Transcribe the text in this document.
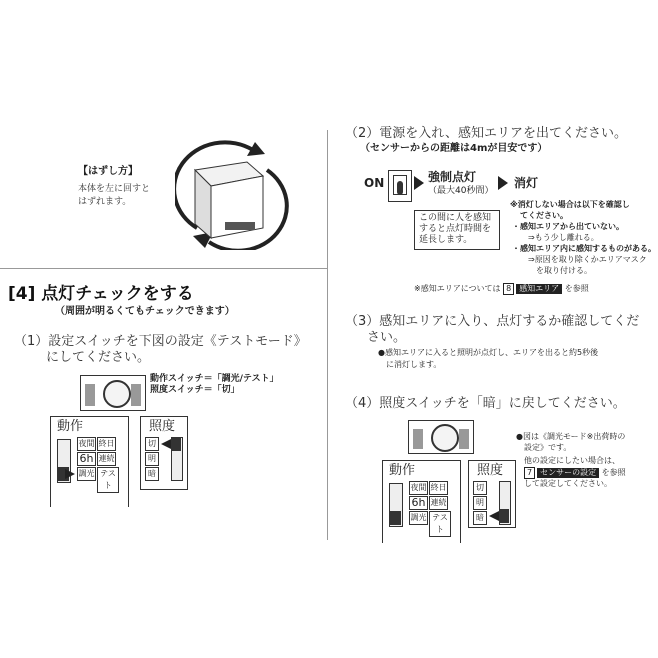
【はずし方】
本体を左に回すと
はずれます。
[4] 点灯チェックをする
（周囲が明るくてもチェックできます）
（1）設定スイッチを下図の設定《テストモード》
にしてください。
動作スイッチ＝「調光/テスト」
照度スイッチ＝「切」
動作
夜間 終日
6h 連続
調光 テスト
照度
切
明
暗
（2）電源を入れ、感知エリアを出てください。
（センサーからの距離は4mが目安です）
ON	強制点灯
（最大40秒間）
消灯
この間に人を感知
すると点灯時間を
延長します。
※消灯しない場合は以下を確認し
てください。
・感知エリアから出ていない。
⇒もう少し離れる。
・感知エリア内に感知するものがある。
⇒原因を取り除くかエリアマスク
を取り付ける。
※感知エリアについては 8 感知エリア を参照
（3）感知エリアに入り、点灯するか確認してくだ
さい。
●感知エリアに入ると照明が点灯し、エリアを出ると約5秒後
に消灯します。
（4）照度スイッチを「暗」に戻してください。
動作
夜間 終日
6h 連続
調光 テスト
照度
切
明
暗
●図は《調光モード※出荷時の
設定》です。
他の設定にしたい場合は、
7 センサーの設定 を参照
して設定してください。
